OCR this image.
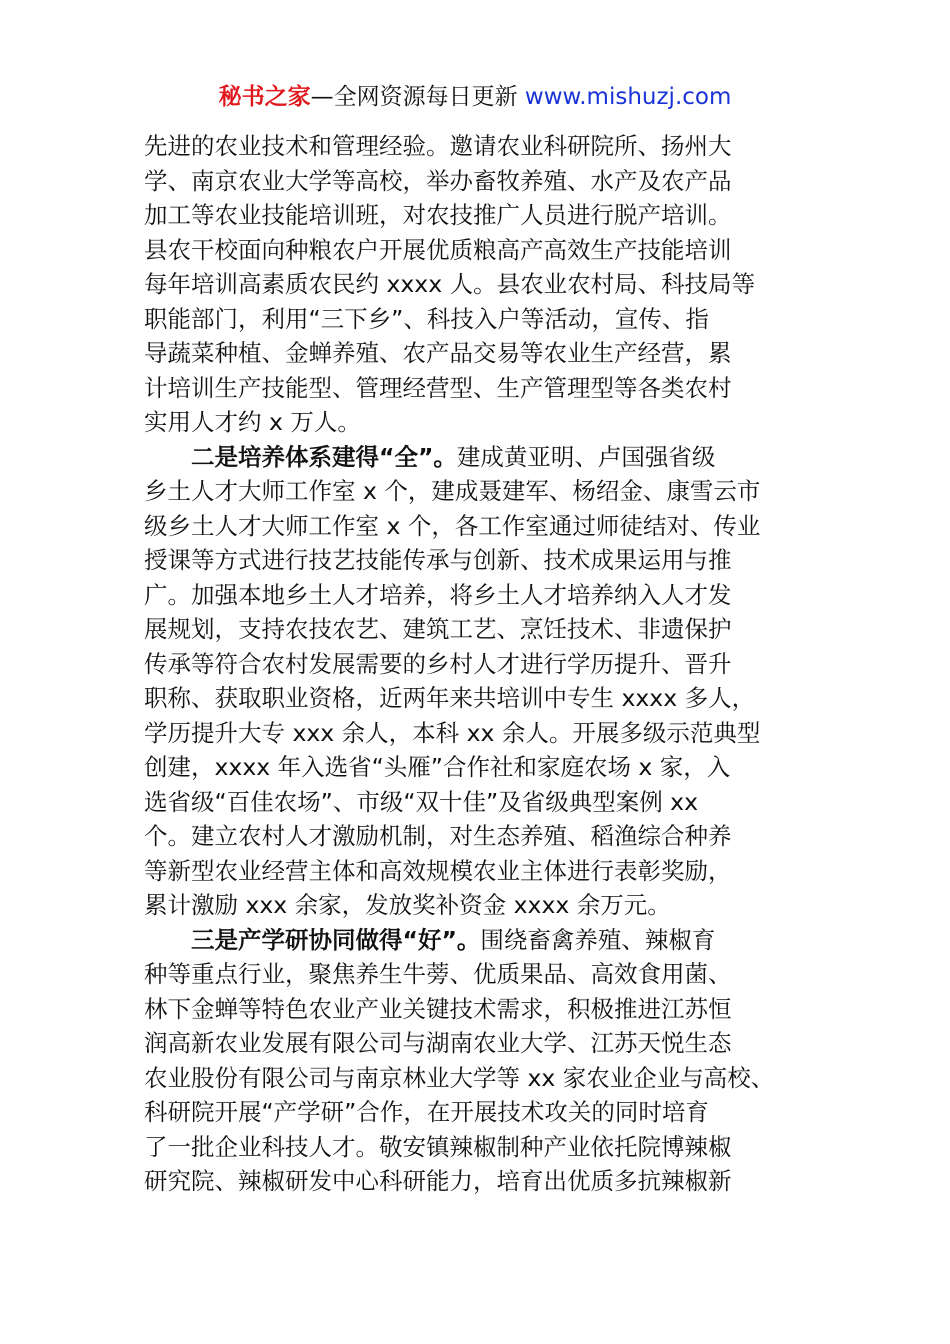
秘书之家—全网资源每日更新 www.mishuzj.com
先进的农业技术和管理经验。邀请农业科研院所、扬州大
学、南京农业大学等高校，举办畜牧养殖、水产及农产品
加工等农业技能培训班，对农技推广人员进行脱产培训。
县农干校面向种粮农户开展优质粮高产高效生产技能培训
每年培训高素质农民约 xxxx 人。县农业农村局、科技局等
职能部门，利用“三下乡”、科技入户等活动，宣传、指
导蔬菜种植、金蝉养殖、农产品交易等农业生产经营，累
计培训生产技能型、管理经营型、生产管理型等各类农村
实用人才约 x 万人。
二是培养体系建得“全”。建成黄亚明、卢国强省级
乡土人才大师工作室 x 个，建成聂建军、杨绍金、康雪云市
级乡土人才大师工作室 x 个，各工作室通过师徒结对、传业
授课等方式进行技艺技能传承与创新、技术成果运用与推
广。加强本地乡土人才培养，将乡土人才培养纳入人才发
展规划，支持农技农艺、建筑工艺、烹饪技术、非遗保护
传承等符合农村发展需要的乡村人才进行学历提升、晋升
职称、获取职业资格，近两年来共培训中专生 xxxx 多人，
学历提升大专 xxx 余人，本科 xx 余人。开展多级示范典型
创建，xxxx 年入选省“头雁”合作社和家庭农场 x 家，入
选省级“百佳农场”、市级“双十佳”及省级典型案例 xx
个。建立农村人才激励机制，对生态养殖、稻渔综合种养
等新型农业经营主体和高效规模农业主体进行表彰奖励，
累计激励 xxx 余家，发放奖补资金 xxxx 余万元。
三是产学研协同做得“好”。围绕畜禽养殖、辣椒育
种等重点行业，聚焦养生牛蒡、优质果品、高效食用菌、
林下金蝉等特色农业产业关键技术需求，积极推进江苏恒
润高新农业发展有限公司与湖南农业大学、江苏天悦生态
农业股份有限公司与南京林业大学等 xx 家农业企业与高校、
科研院开展“产学研”合作，在开展技术攻关的同时培育
了一批企业科技人才。敬安镇辣椒制种产业依托院博辣椒
研究院、辣椒研发中心科研能力，培育出优质多抗辣椒新
